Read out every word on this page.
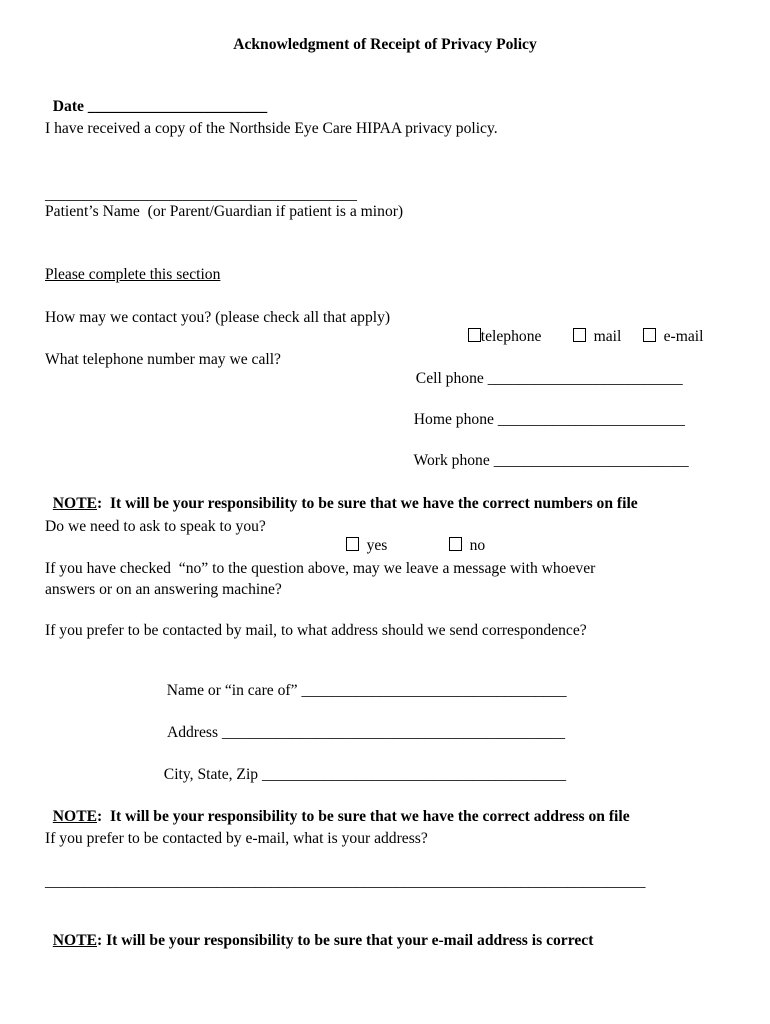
Acknowledgment of Receipt of Privacy Policy

Date _______________________

I have received a copy of the Northside Eye Care HIPAA privacy policy.
________________________________________
Patient’s Name  (or Parent/Guardian if patient is a minor)
Please complete this section
How may we contact you? (please check all that apply)

telephone	mail	e-mail

What telephone number may we call?

Cell phone _________________________

Home phone ________________________

Work phone _________________________

NOTE:  It will be your responsibility to be sure that we have the correct numbers on file

Do we need to ask to speak to you?

yes	no

If you have checked  “no” to the question above, may we leave a message with whoever
answers or on an answering machine?
If you prefer to be contacted by mail, to what address should we send correspondence?

Name or “in care of” __________________________________

Address ____________________________________________

City, State, Zip _______________________________________

NOTE:  It will be your responsibility to be sure that we have the correct address on file

If you prefer to be contacted by e-mail, what is your address?
_____________________________________________________________________________

NOTE: It will be your responsibility to be sure that your e-mail address is correct
